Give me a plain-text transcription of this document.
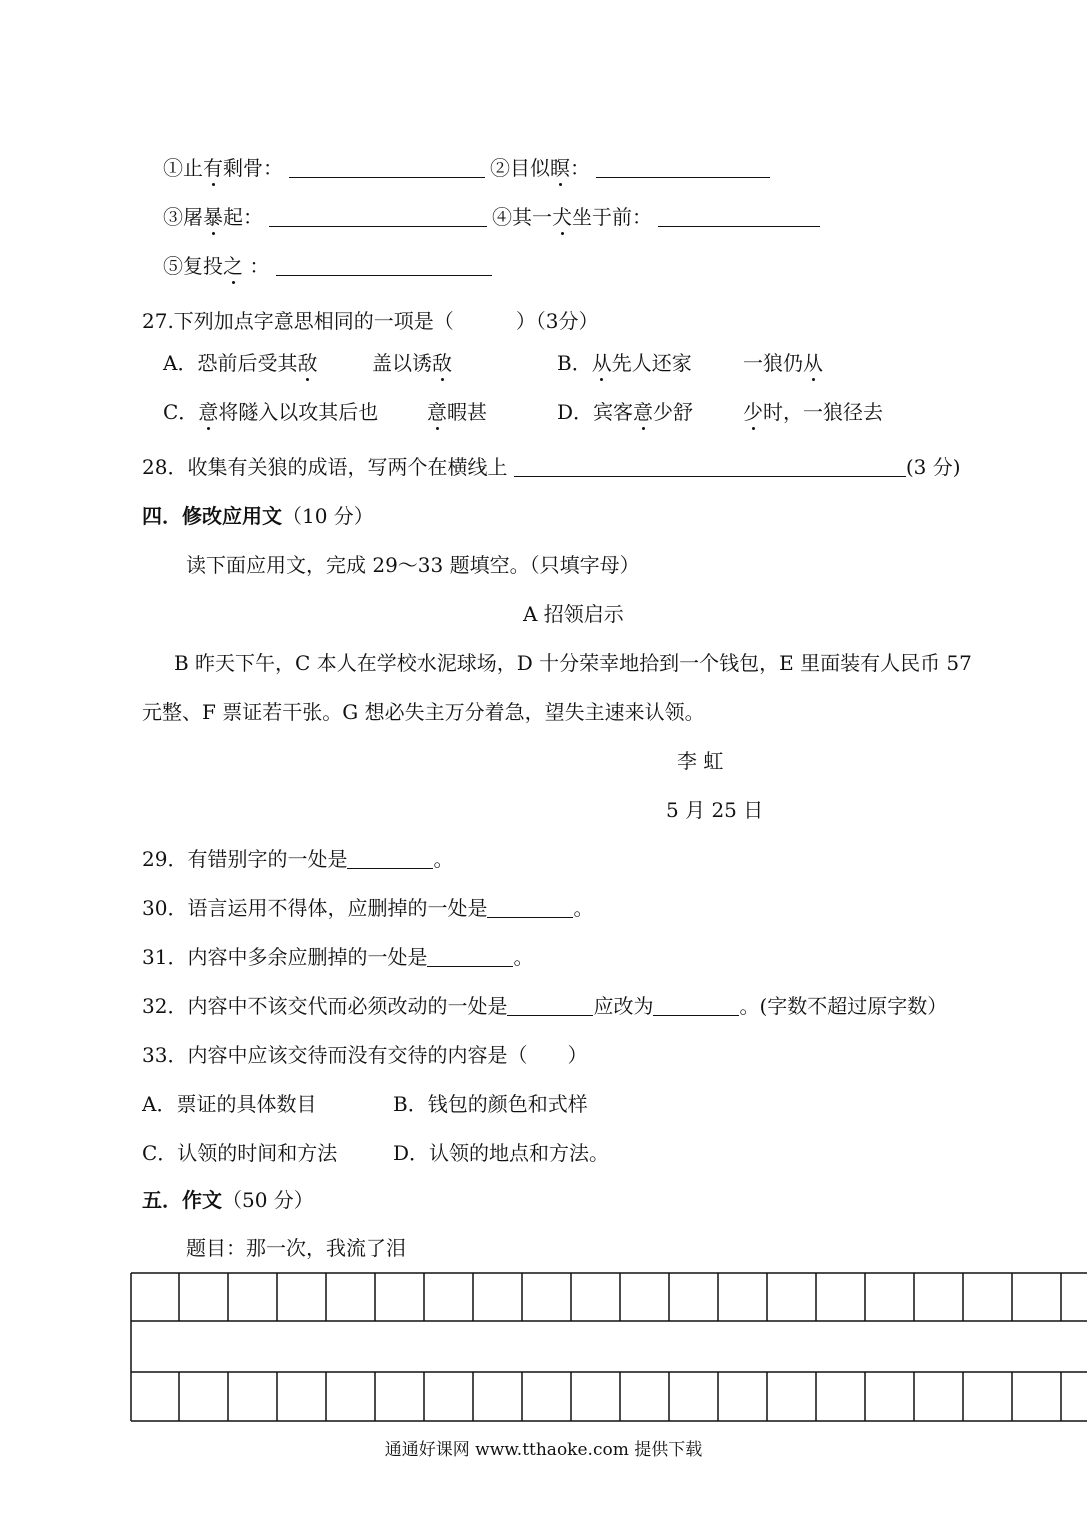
①止有剩骨：	②目似瞑：
③屠暴起：	④其一犬坐于前：
⑤复投之 ：
27.下列加点字意思相同的一项是（	）（3分）
A．恐前后受其敌	盖以诱敌	B．从先人还家	一狼仍从
C．意将隧入以攻其后也 意暇甚	D．宾客意少舒 少时，一狼径去
28．收集有关狼的成语，写两个在横线上	(3 分)
四．修改应用文（10 分）
读下面应用文，完成 29～33 题填空。（只填字母）
A 招领启示
B 昨天下午，C 本人在学校水泥球场，D 十分荣幸地拾到一个钱包，E 里面装有人民币 57
元整、F 票证若干张。G 想必失主万分着急，望失主速来认领。
李 虹
5 月 25 日
29．有错别字的一处是	。
30．语言运用不得体，应删掉的一处是	。
31．内容中多余应删掉的一处是	。
32．内容中不该交代而必须改动的一处是	应改为	。(字数不超过原字数）
33．内容中应该交待而没有交待的内容是（ ）
A．票证的具体数目	B．钱包的颜色和式样
C．认领的时间和方法	D．认领的地点和方法。
五．作文（50 分）
题目：那一次，我流了泪
通通好课网 www.tthaoke.com 提供下载
